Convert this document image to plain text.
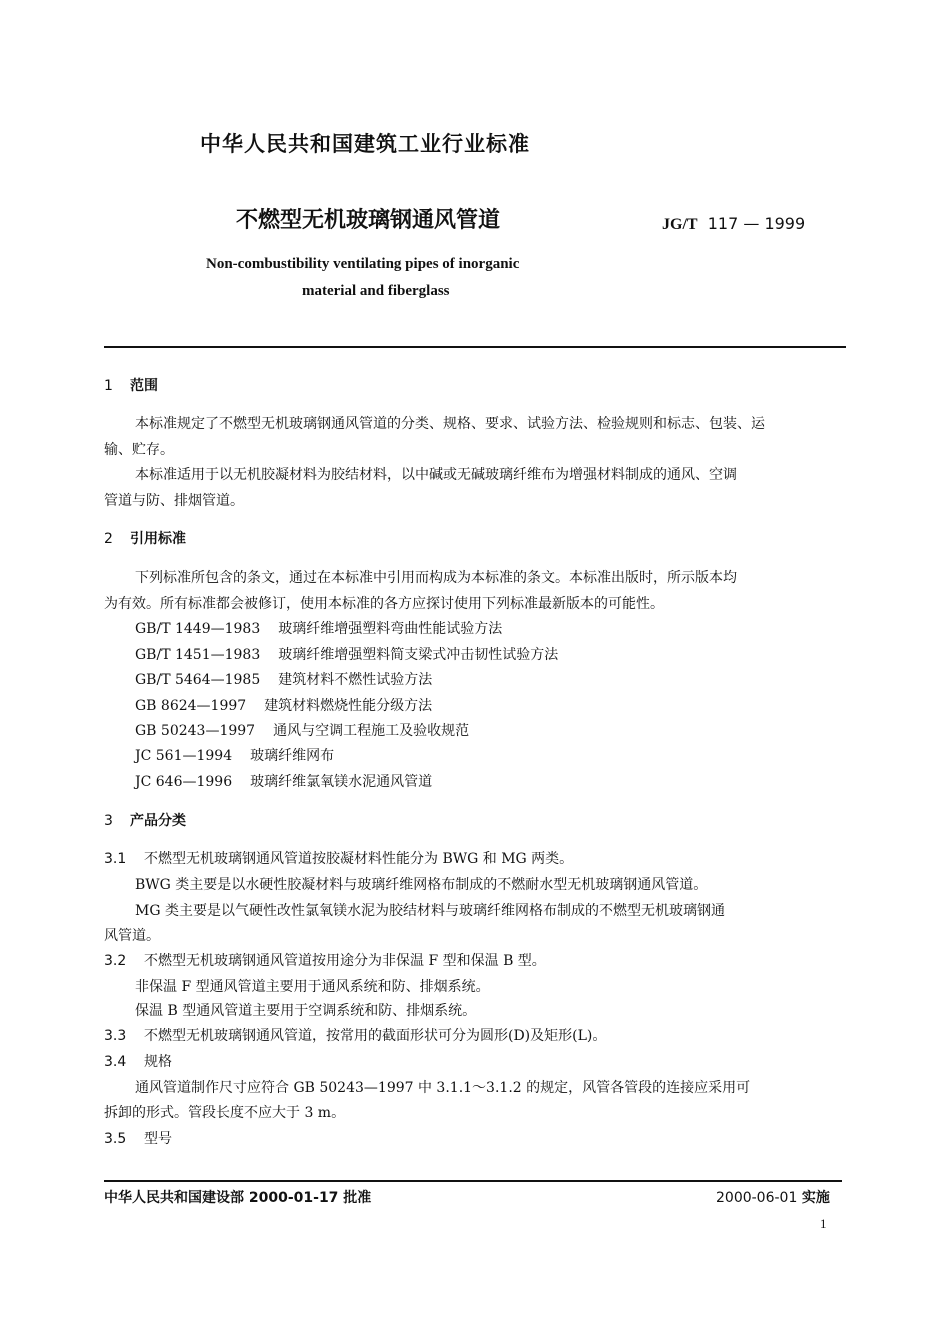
中华人民共和国建筑工业行业标准
不燃型无机玻璃钢通风管道	JG/T 117 — 1999
Non-combustibility ventilating pipes of inorganic
material and fiberglass
1 范围
本标准规定了不燃型无机玻璃钢通风管道的分类、规格、要求、试验方法、检验规则和标志、包装、运
输、贮存。
本标准适用于以无机胶凝材料为胶结材料，以中碱或无碱玻璃纤维布为增强材料制成的通风、空调
管道与防、排烟管道。
2 引用标准
下列标准所包含的条文，通过在本标准中引用而构成为本标准的条文。本标准出版时，所示版本均
为有效。所有标准都会被修订，使用本标准的各方应探讨使用下列标准最新版本的可能性。
GB/T 1449—1983 玻璃纤维增强塑料弯曲性能试验方法
GB/T 1451—1983 玻璃纤维增强塑料简支梁式冲击韧性试验方法
GB/T 5464—1985 建筑材料不燃性试验方法
GB 8624—1997 建筑材料燃烧性能分级方法
GB 50243—1997 通风与空调工程施工及验收规范
JC 561—1994 玻璃纤维网布
JC 646—1996 玻璃纤维氯氧镁水泥通风管道
3 产品分类
3.1 不燃型无机玻璃钢通风管道按胶凝材料性能分为 BWG 和 MG 两类。
BWG 类主要是以水硬性胶凝材料与玻璃纤维网格布制成的不燃耐水型无机玻璃钢通风管道。
MG 类主要是以气硬性改性氯氧镁水泥为胶结材料与玻璃纤维网格布制成的不燃型无机玻璃钢通
风管道。
3.2 不燃型无机玻璃钢通风管道按用途分为非保温 F 型和保温 B 型。
非保温 F 型通风管道主要用于通风系统和防、排烟系统。
保温 B 型通风管道主要用于空调系统和防、排烟系统。
3.3 不燃型无机玻璃钢通风管道，按常用的截面形状可分为圆形(D)及矩形(L)。
3.4 规格
通风管道制作尺寸应符合 GB 50243—1997 中 3.1.1～3.1.2 的规定，风管各管段的连接应采用可
拆卸的形式。管段长度不应大于 3 m。
3.5 型号
中华人民共和国建设部 2000-01-17 批准	2000-06-01 实施
1
